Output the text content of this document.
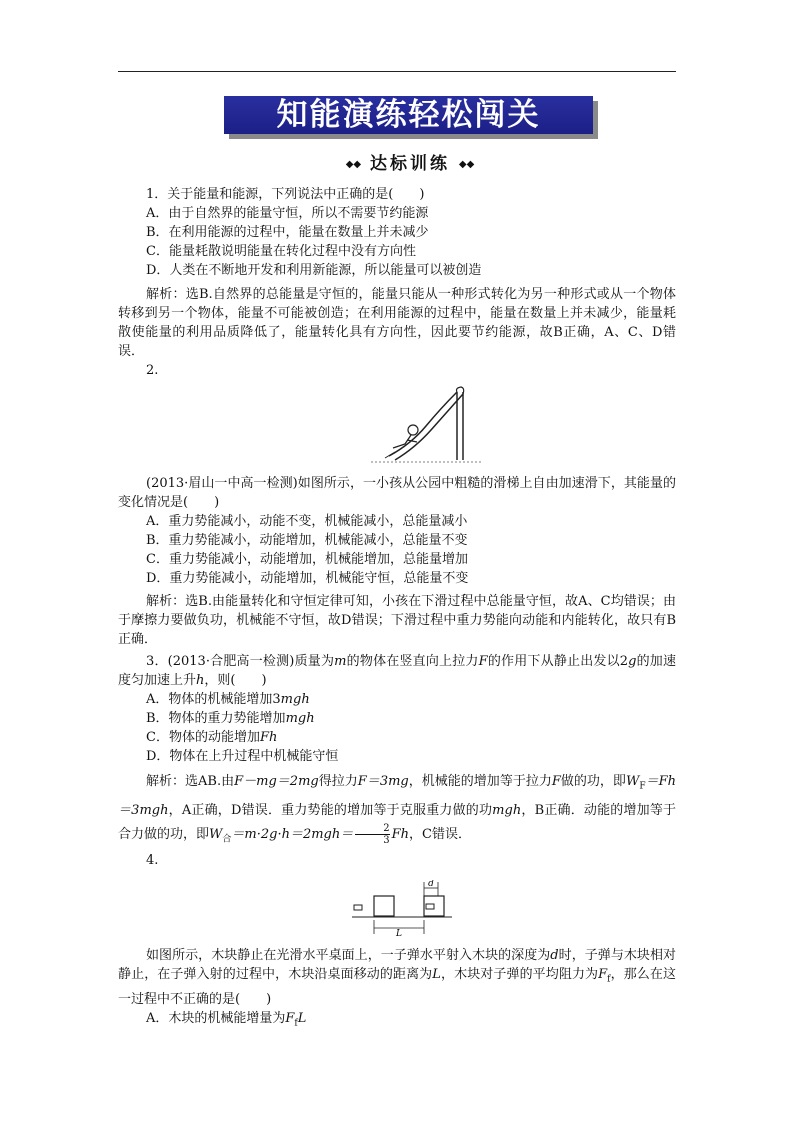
知能演练轻松闯关
◆◆ 达标训练 ◆◆

1．关于能量和能源，下列说法中正确的是(　　)

A．由于自然界的能量守恒，所以不需要节约能源

B．在利用能源的过程中，能量在数量上并未减少

C．能量耗散说明能量在转化过程中没有方向性

D．人类在不断地开发和利用新能源，所以能量可以被创造

解析：选B.自然界的总能量是守恒的，能量只能从一种形式转化为另一种形式或从一个物体转移到另一个物体，能量不可能被创造；在利用能源的过程中，能量在数量上并未减少，能量耗散使能量的利用品质降低了，能量转化具有方向性，因此要节约能源，故B正确，A、C、D错误．

2.

(2013·眉山一中高一检测)如图所示，一小孩从公园中粗糙的滑梯上自由加速滑下，其能量的变化情况是(　　)

A．重力势能减小，动能不变，机械能减小，总能量减小

B．重力势能减小，动能增加，机械能减小，总能量不变

C．重力势能减小，动能增加，机械能增加，总能量增加

D．重力势能减小，动能增加，机械能守恒，总能量不变

解析：选B.由能量转化和守恒定律可知，小孩在下滑过程中总能量守恒，故A、C均错误；由于摩擦力要做负功，机械能不守恒，故D错误；下滑过程中重力势能向动能和内能转化，故只有B正确．

3．(2013·合肥高一检测)质量为m的物体在竖直向上拉力F的作用下从静止出发以2g的加速度匀加速上升h，则(　　)

A．物体的机械能增加3mgh

B．物体的重力势能增加mgh

C．物体的动能增加Fh

D．物体在上升过程中机械能守恒

解析：选AB.由F－mg＝2mg得拉力F＝3mg，机械能的增加等于拉力F做的功，即$W_F=Fh=3mgh$，A正确，D错误．重力势能的增加等于克服重力做的功mgh，B正确．动能的增加等于合力做的功，即$W_合=m\cdot 2g\cdot h=2mgh= \frac{2}{3}$ Fh，C错误．

4.

d
L

如图所示，木块静止在光滑水平桌面上，一子弹水平射入木块的深度为d时，子弹与木块相对静止，在子弹入射的过程中，木块沿桌面移动的距离为L，木块对子弹的平均阻力为$F_f$，那么在这一过程中不正确的是(　　)

A．木块的机械能增量为$F_fL$
